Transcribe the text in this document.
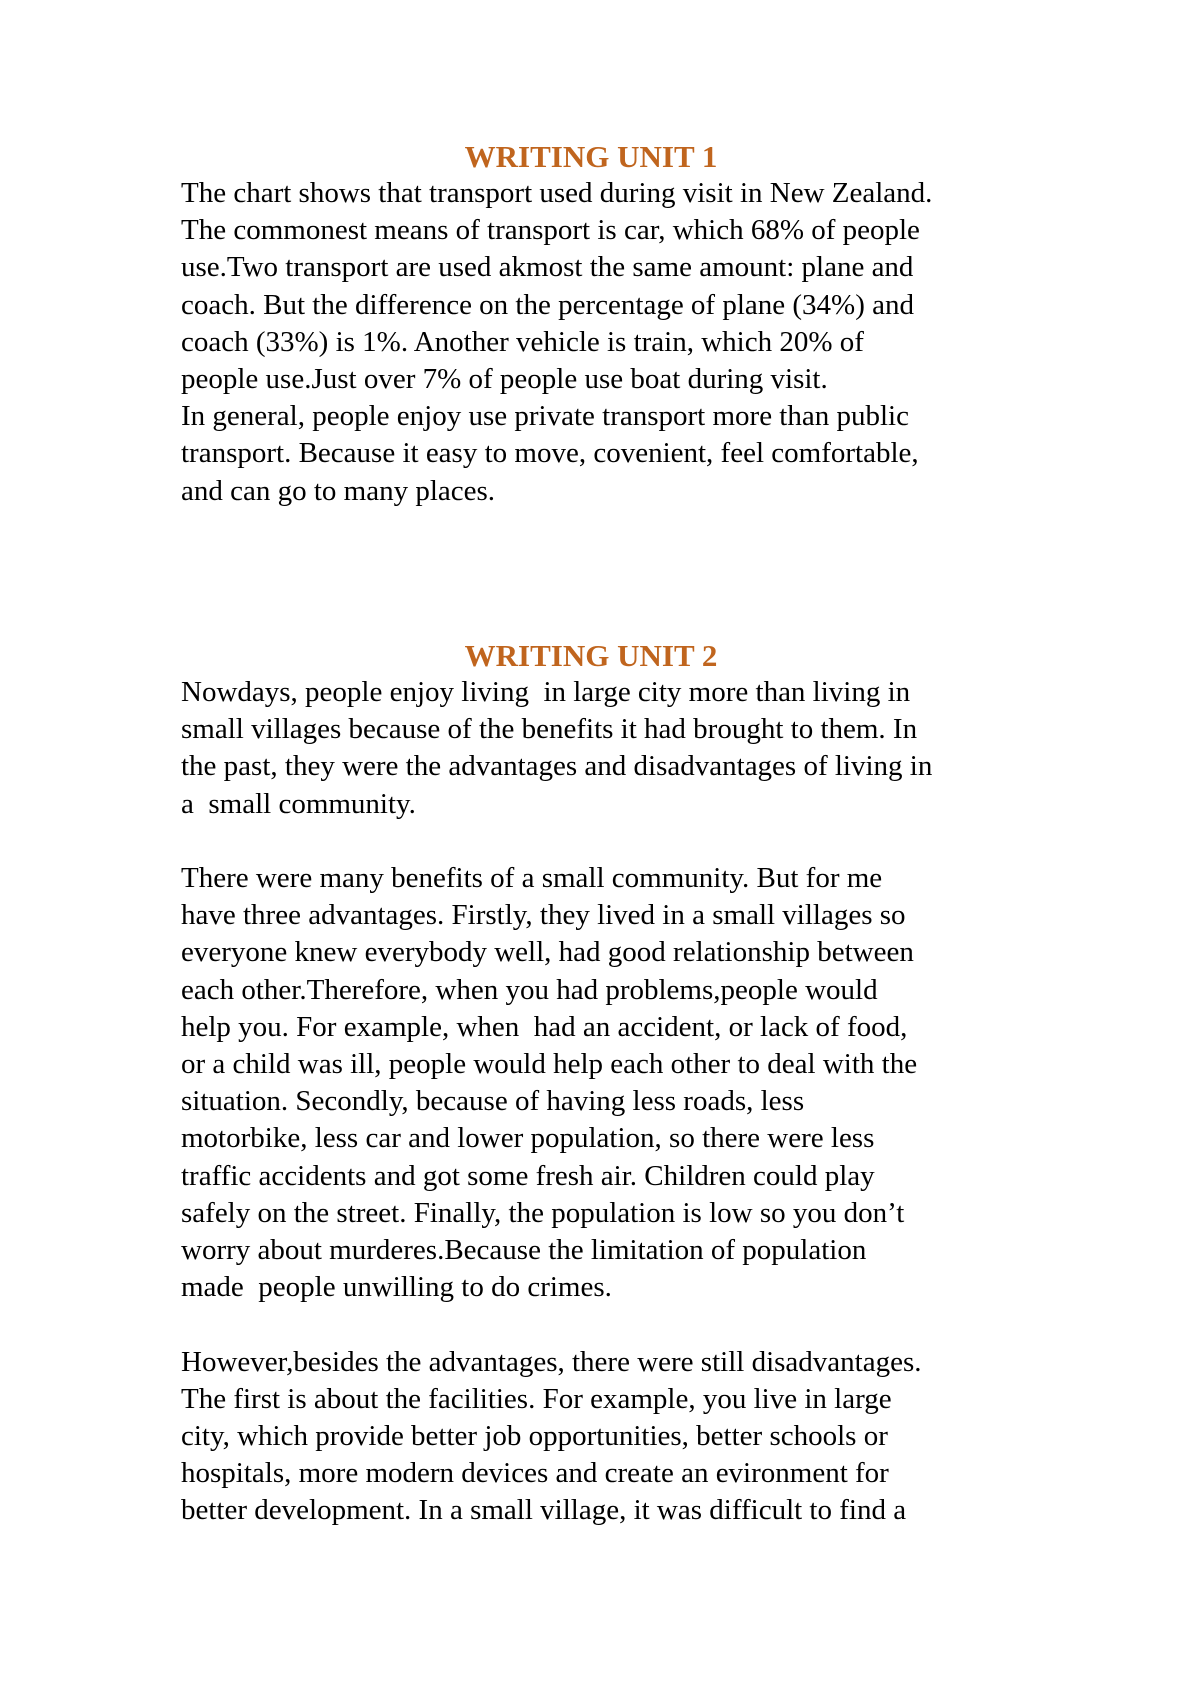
WRITING UNIT 1
The chart shows that transport used during visit in New Zealand.
The commonest means of transport is car, which 68% of people
use.Two transport are used akmost the same amount: plane and
coach. But the difference on the percentage of plane (34%) and
coach (33%) is 1%. Another vehicle is train, which 20% of
people use.Just over 7% of people use boat during visit.
In general, people enjoy use private transport more than public
transport. Because it easy to move, covenient, feel comfortable,
and can go to many places.
WRITING UNIT 2
Nowdays, people enjoy living  in large city more than living in
small villages because of the benefits it had brought to them. In
the past, they were the advantages and disadvantages of living in
a  small community.
There were many benefits of a small community. But for me
have three advantages. Firstly, they lived in a small villages so
everyone knew everybody well, had good relationship between
each other.Therefore, when you had problems,people would
help you. For example, when  had an accident, or lack of food,
or a child was ill, people would help each other to deal with the
situation. Secondly, because of having less roads, less
motorbike, less car and lower population, so there were less
traffic accidents and got some fresh air. Children could play
safely on the street. Finally, the population is low so you don’t
worry about murderes.Because the limitation of population
made  people unwilling to do crimes.
However,besides the advantages, there were still disadvantages.
The first is about the facilities. For example, you live in large
city, which provide better job opportunities, better schools or
hospitals, more modern devices and create an evironment for
better development. In a small village, it was difficult to find a
